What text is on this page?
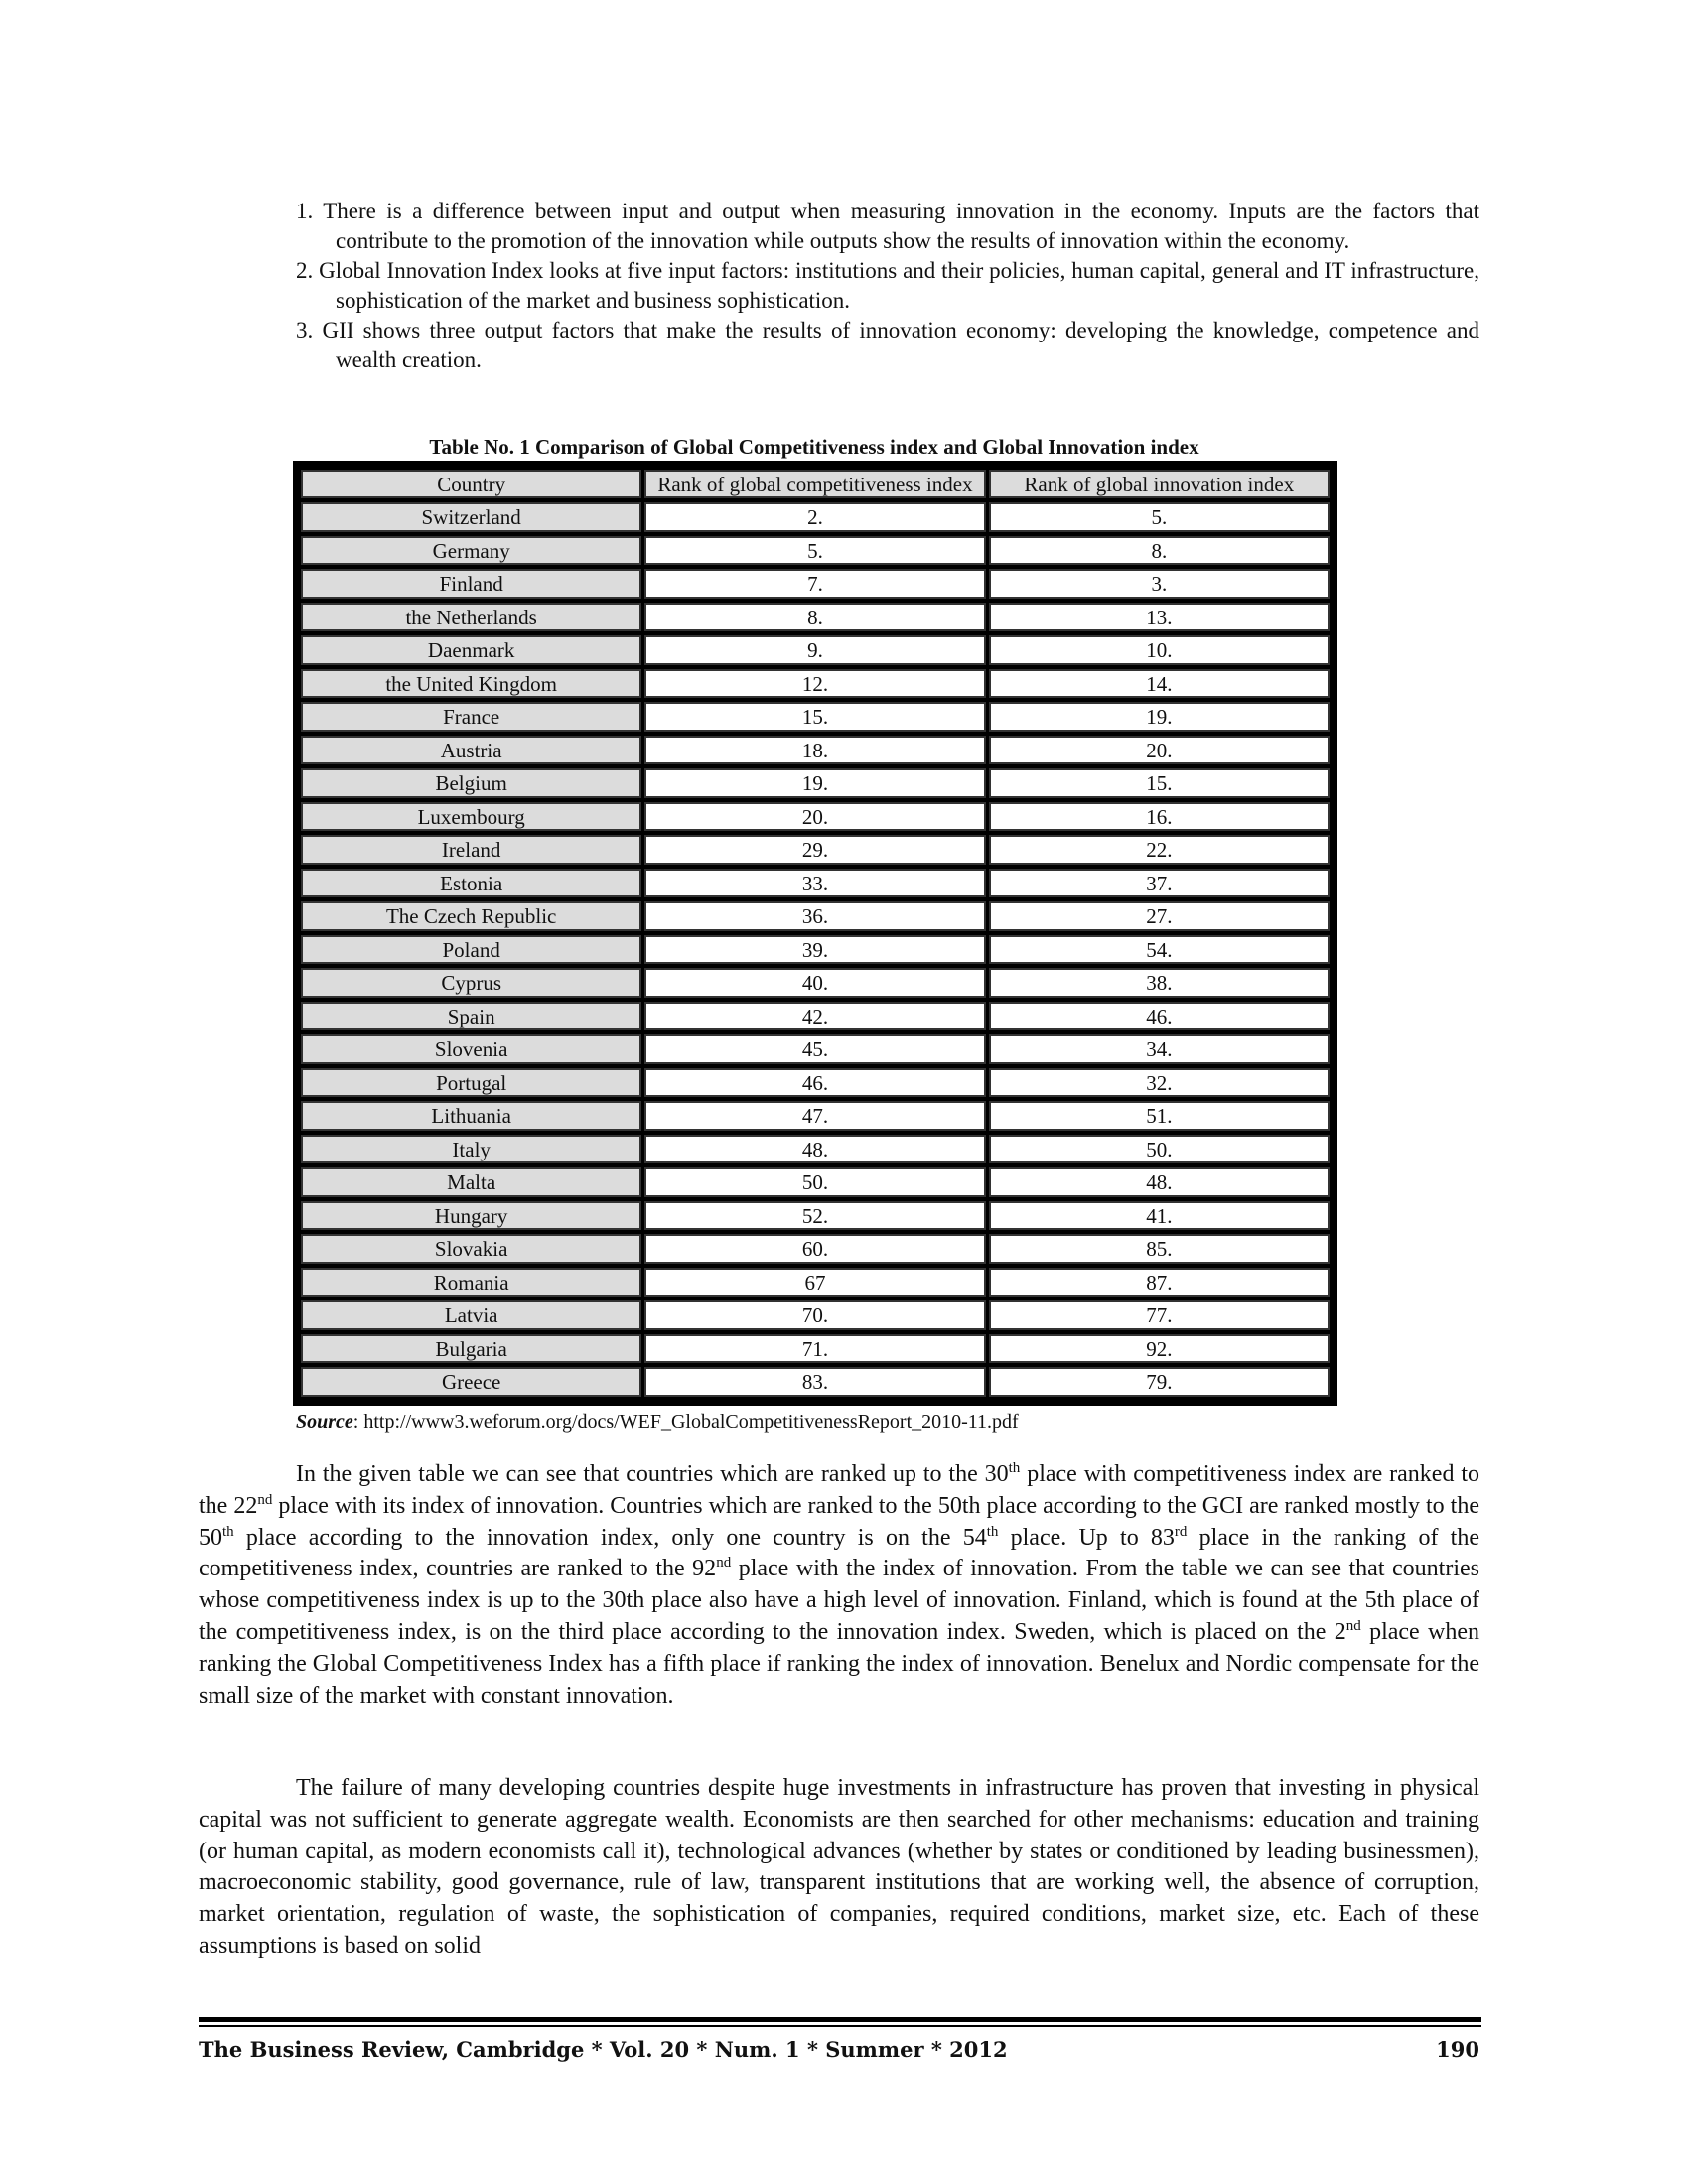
1. There is a difference between input and output when measuring innovation in the economy. Inputs are the factors that contribute to the promotion of the innovation while outputs show the results of innovation within the economy.
2. Global Innovation Index looks at five input factors: institutions and their policies, human capital, general and IT infrastructure, sophistication of the market and business sophistication.
3. GII shows three output factors that make the results of innovation economy: developing the knowledge, competence and wealth creation.
Table No. 1 Comparison of Global Competitiveness index and Global Innovation index
Country	Rank of global competitiveness index	Rank of global innovation index
Switzerland	2.	5.
Germany	5.	8.
Finland	7.	3.
the Netherlands	8.	13.
Daenmark	9.	10.
the United Kingdom	12.	14.
France	15.	19.
Austria	18.	20.
Belgium	19.	15.
Luxembourg	20.	16.
Ireland	29.	22.
Estonia	33.	37.
The Czech Republic	36.	27.
Poland	39.	54.
Cyprus	40.	38.
Spain	42.	46.
Slovenia	45.	34.
Portugal	46.	32.
Lithuania	47.	51.
Italy	48.	50.
Malta	50.	48.
Hungary	52.	41.
Slovakia	60.	85.
Romania	67	87.
Latvia	70.	77.
Bulgaria	71.	92.
Greece	83.	79.
Source: http://www3.weforum.org/docs/WEF_GlobalCompetitivenessReport_2010-11.pdf

In the given table we can see that countries which are ranked up to the 30th place with competitiveness index are ranked to the 22nd place with its index of innovation. Countries which are ranked to the 50th place according to the GCI are ranked mostly to the 50th place according to the innovation index, only one country is on the 54th place. Up to 83rd place in the ranking of the competitiveness index, countries are ranked to the 92nd place with the index of innovation. From the table we can see that countries whose competitiveness index is up to the 30th place also have a high level of innovation. Finland, which is found at the 5th place of the competitiveness index, is on the third place according to the innovation index. Sweden, which is placed on the 2nd place when ranking the Global Competitiveness Index has a fifth place if ranking the index of innovation. Benelux and Nordic compensate for the small size of the market with constant innovation.

The failure of many developing countries despite huge investments in infrastructure has proven that investing in physical capital was not sufficient to generate aggregate wealth. Economists are then searched for other mechanisms: education and training (or human capital, as modern economists call it), technological advances (whether by states or conditioned by leading businessmen), macroeconomic stability, good governance, rule of law, transparent institutions that are working well, the absence of corruption, market orientation, regulation of waste, the sophistication of companies, required conditions, market size, etc. Each of these assumptions is based on solid

The Business Review, Cambridge * Vol. 20 * Num. 1 * Summer * 2012	190
